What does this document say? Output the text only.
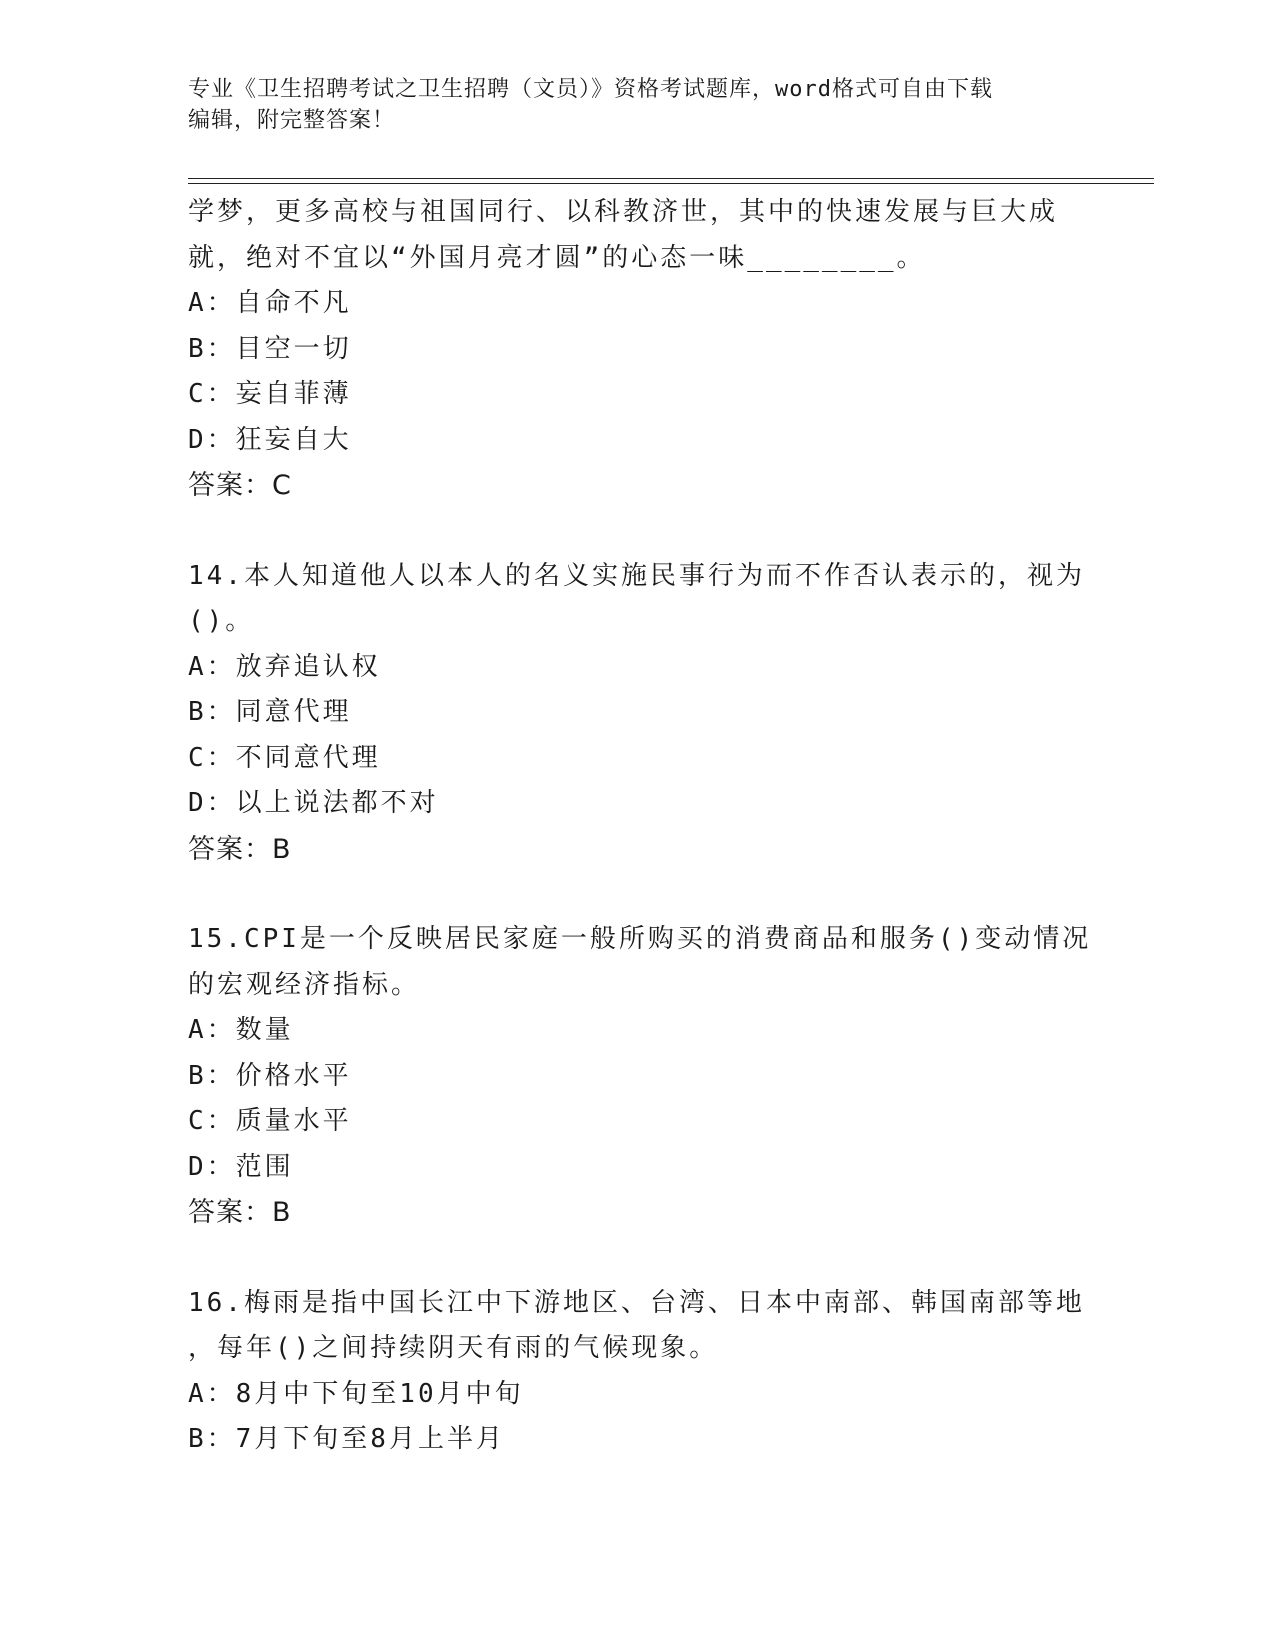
专业《卫生招聘考试之卫生招聘（文员）》资格考试题库，word格式可自由下载
编辑，附完整答案！
学梦，更多高校与祖国同行、以科教济世，其中的快速发展与巨大成
就，绝对不宜以“外国月亮才圆”的心态一味________。
A：自命不凡
B：目空一切
C：妄自菲薄
D：狂妄自大
答案：C
14.本人知道他人以本人的名义实施民事行为而不作否认表示的，视为
()。
A：放弃追认权
B：同意代理
C：不同意代理
D：以上说法都不对
答案：B
15.CPI是一个反映居民家庭一般所购买的消费商品和服务()变动情况
的宏观经济指标。
A：数量
B：价格水平
C：质量水平
D：范围
答案：B
16.梅雨是指中国长江中下游地区、台湾、日本中南部、韩国南部等地
，每年()之间持续阴天有雨的气候现象。
A：8月中下旬至10月中旬
B：7月下旬至8月上半月
